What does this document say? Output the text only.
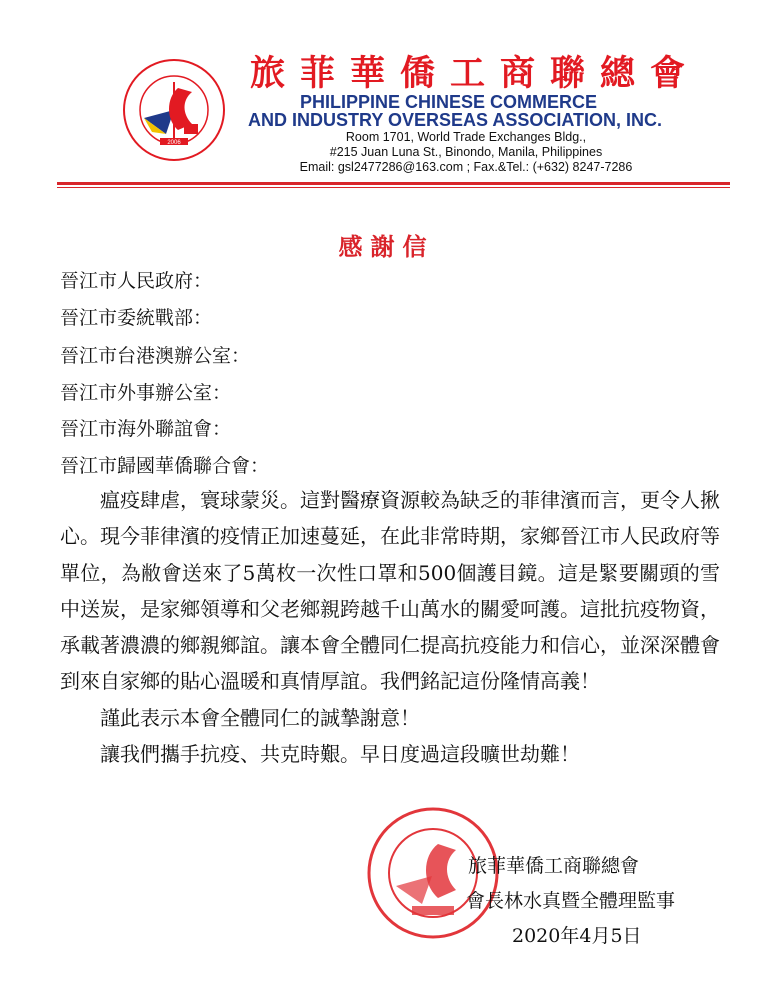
2006
旅菲華僑工商聯總會
PHILIPPINE CHINESE COMMERCE
AND INDUSTRY OVERSEAS ASSOCIATION, INC.
Room 1701, World Trade Exchanges Bldg.,
#215 Juan Luna St., Binondo, Manila, Philippines
Email: gsl2477286@163.com ; Fax.&Tel.: (+632) 8247-7286
感謝信
晉江市人民政府：
晉江市委統戰部：
晉江市台港澳辦公室：
晉江市外事辦公室：
晉江市海外聯誼會：
晉江市歸國華僑聯合會：

瘟疫肆虐，寰球蒙災。這對醫療資源較為缺乏的菲律濱而言，更令人揪心。現今菲律濱的疫情正加速蔓延，在此非常時期，家鄉晉江市人民政府等單位，為敝會送來了5萬枚一次性口罩和500個護目鏡。這是緊要關頭的雪中送炭，是家鄉領導和父老鄉親跨越千山萬水的關愛呵護。這批抗疫物資，承載著濃濃的鄉親鄉誼。讓本會全體同仁提高抗疫能力和信心，並深深體會到來自家鄉的貼心溫暖和真情厚誼。我們銘記這份隆情高義！

謹此表示本會全體同仁的誠摯謝意！

讓我們攜手抗疫、共克時艱。早日度過這段曠世劫難！

旅菲華僑工商聯總會
會長林水真暨全體理監事
2020年4月5日
